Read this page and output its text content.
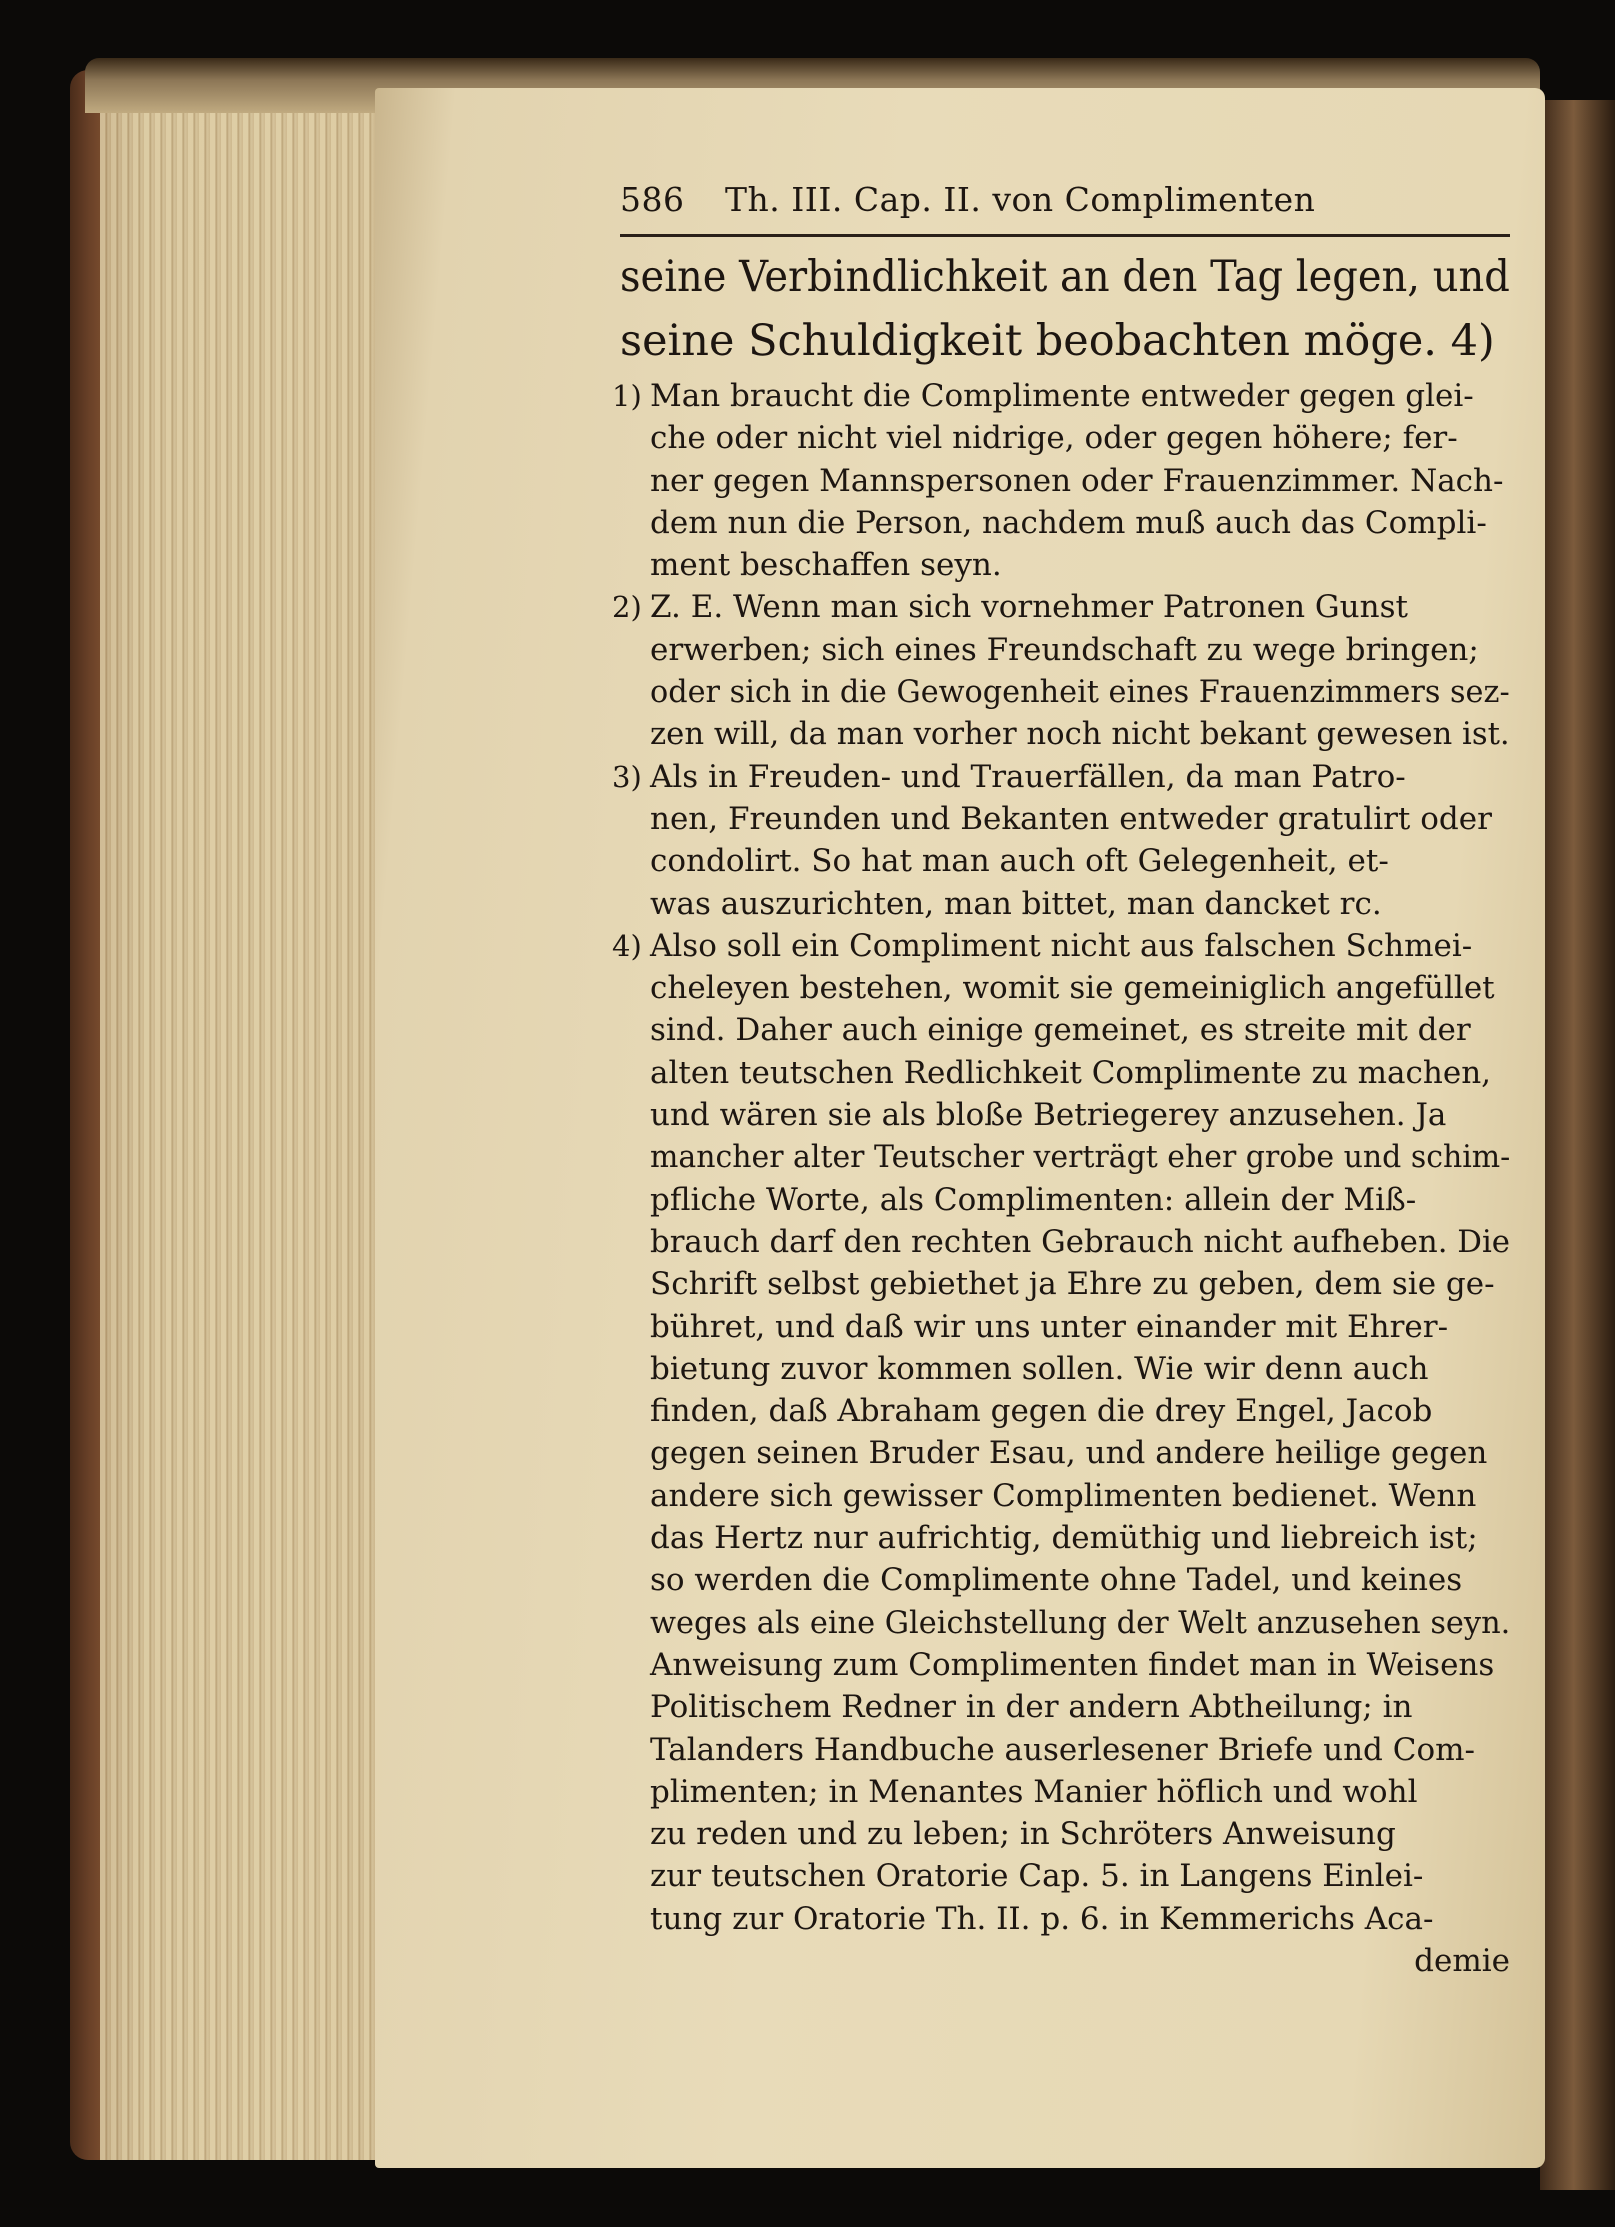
586	Th. III. Cap. II. von Complimenten
seine Verbindlichkeit an den Tag legen, und
seine Schuldigkeit beobachten möge. 4)
1) Man braucht die Complimente entweder gegen glei-
che oder nicht viel nidrige, oder gegen höhere; fer-
ner gegen Mannspersonen oder Frauenzimmer. Nach-
dem nun die Person, nachdem muß auch das Compli-
ment beschaffen seyn.
2) Z. E. Wenn man sich vornehmer Patronen Gunst
erwerben; sich eines Freundschaft zu wege bringen;
oder sich in die Gewogenheit eines Frauenzimmers sez-
zen will, da man vorher noch nicht bekant gewesen ist.
3) Als in Freuden- und Trauerfällen, da man Patro-
nen, Freunden und Bekanten entweder gratulirt oder
condolirt. So hat man auch oft Gelegenheit, et-
was auszurichten, man bittet, man dancket rc.
4) Also soll ein Compliment nicht aus falschen Schmei-
cheleyen bestehen, womit sie gemeiniglich angefüllet
sind. Daher auch einige gemeinet, es streite mit der
alten teutschen Redlichkeit Complimente zu machen,
und wären sie als bloße Betriegerey anzusehen. Ja
mancher alter Teutscher verträgt eher grobe und schim-
pfliche Worte, als Complimenten: allein der Miß-
brauch darf den rechten Gebrauch nicht aufheben. Die
Schrift selbst gebiethet ja Ehre zu geben, dem sie ge-
bühret, und daß wir uns unter einander mit Ehrer-
bietung zuvor kommen sollen. Wie wir denn auch
finden, daß Abraham gegen die drey Engel, Jacob
gegen seinen Bruder Esau, und andere heilige gegen
andere sich gewisser Complimenten bedienet. Wenn
das Hertz nur aufrichtig, demüthig und liebreich ist;
so werden die Complimente ohne Tadel, und keines
weges als eine Gleichstellung der Welt anzusehen seyn.
Anweisung zum Complimenten findet man in Weisens
Politischem Redner in der andern Abtheilung; in
Talanders Handbuche auserlesener Briefe und Com-
plimenten; in Menantes Manier höflich und wohl
zu reden und zu leben; in Schröters Anweisung
zur teutschen Oratorie Cap. 5. in Langens Einlei-
tung zur Oratorie Th. II. p. 6. in Kemmerichs Aca-
demie
